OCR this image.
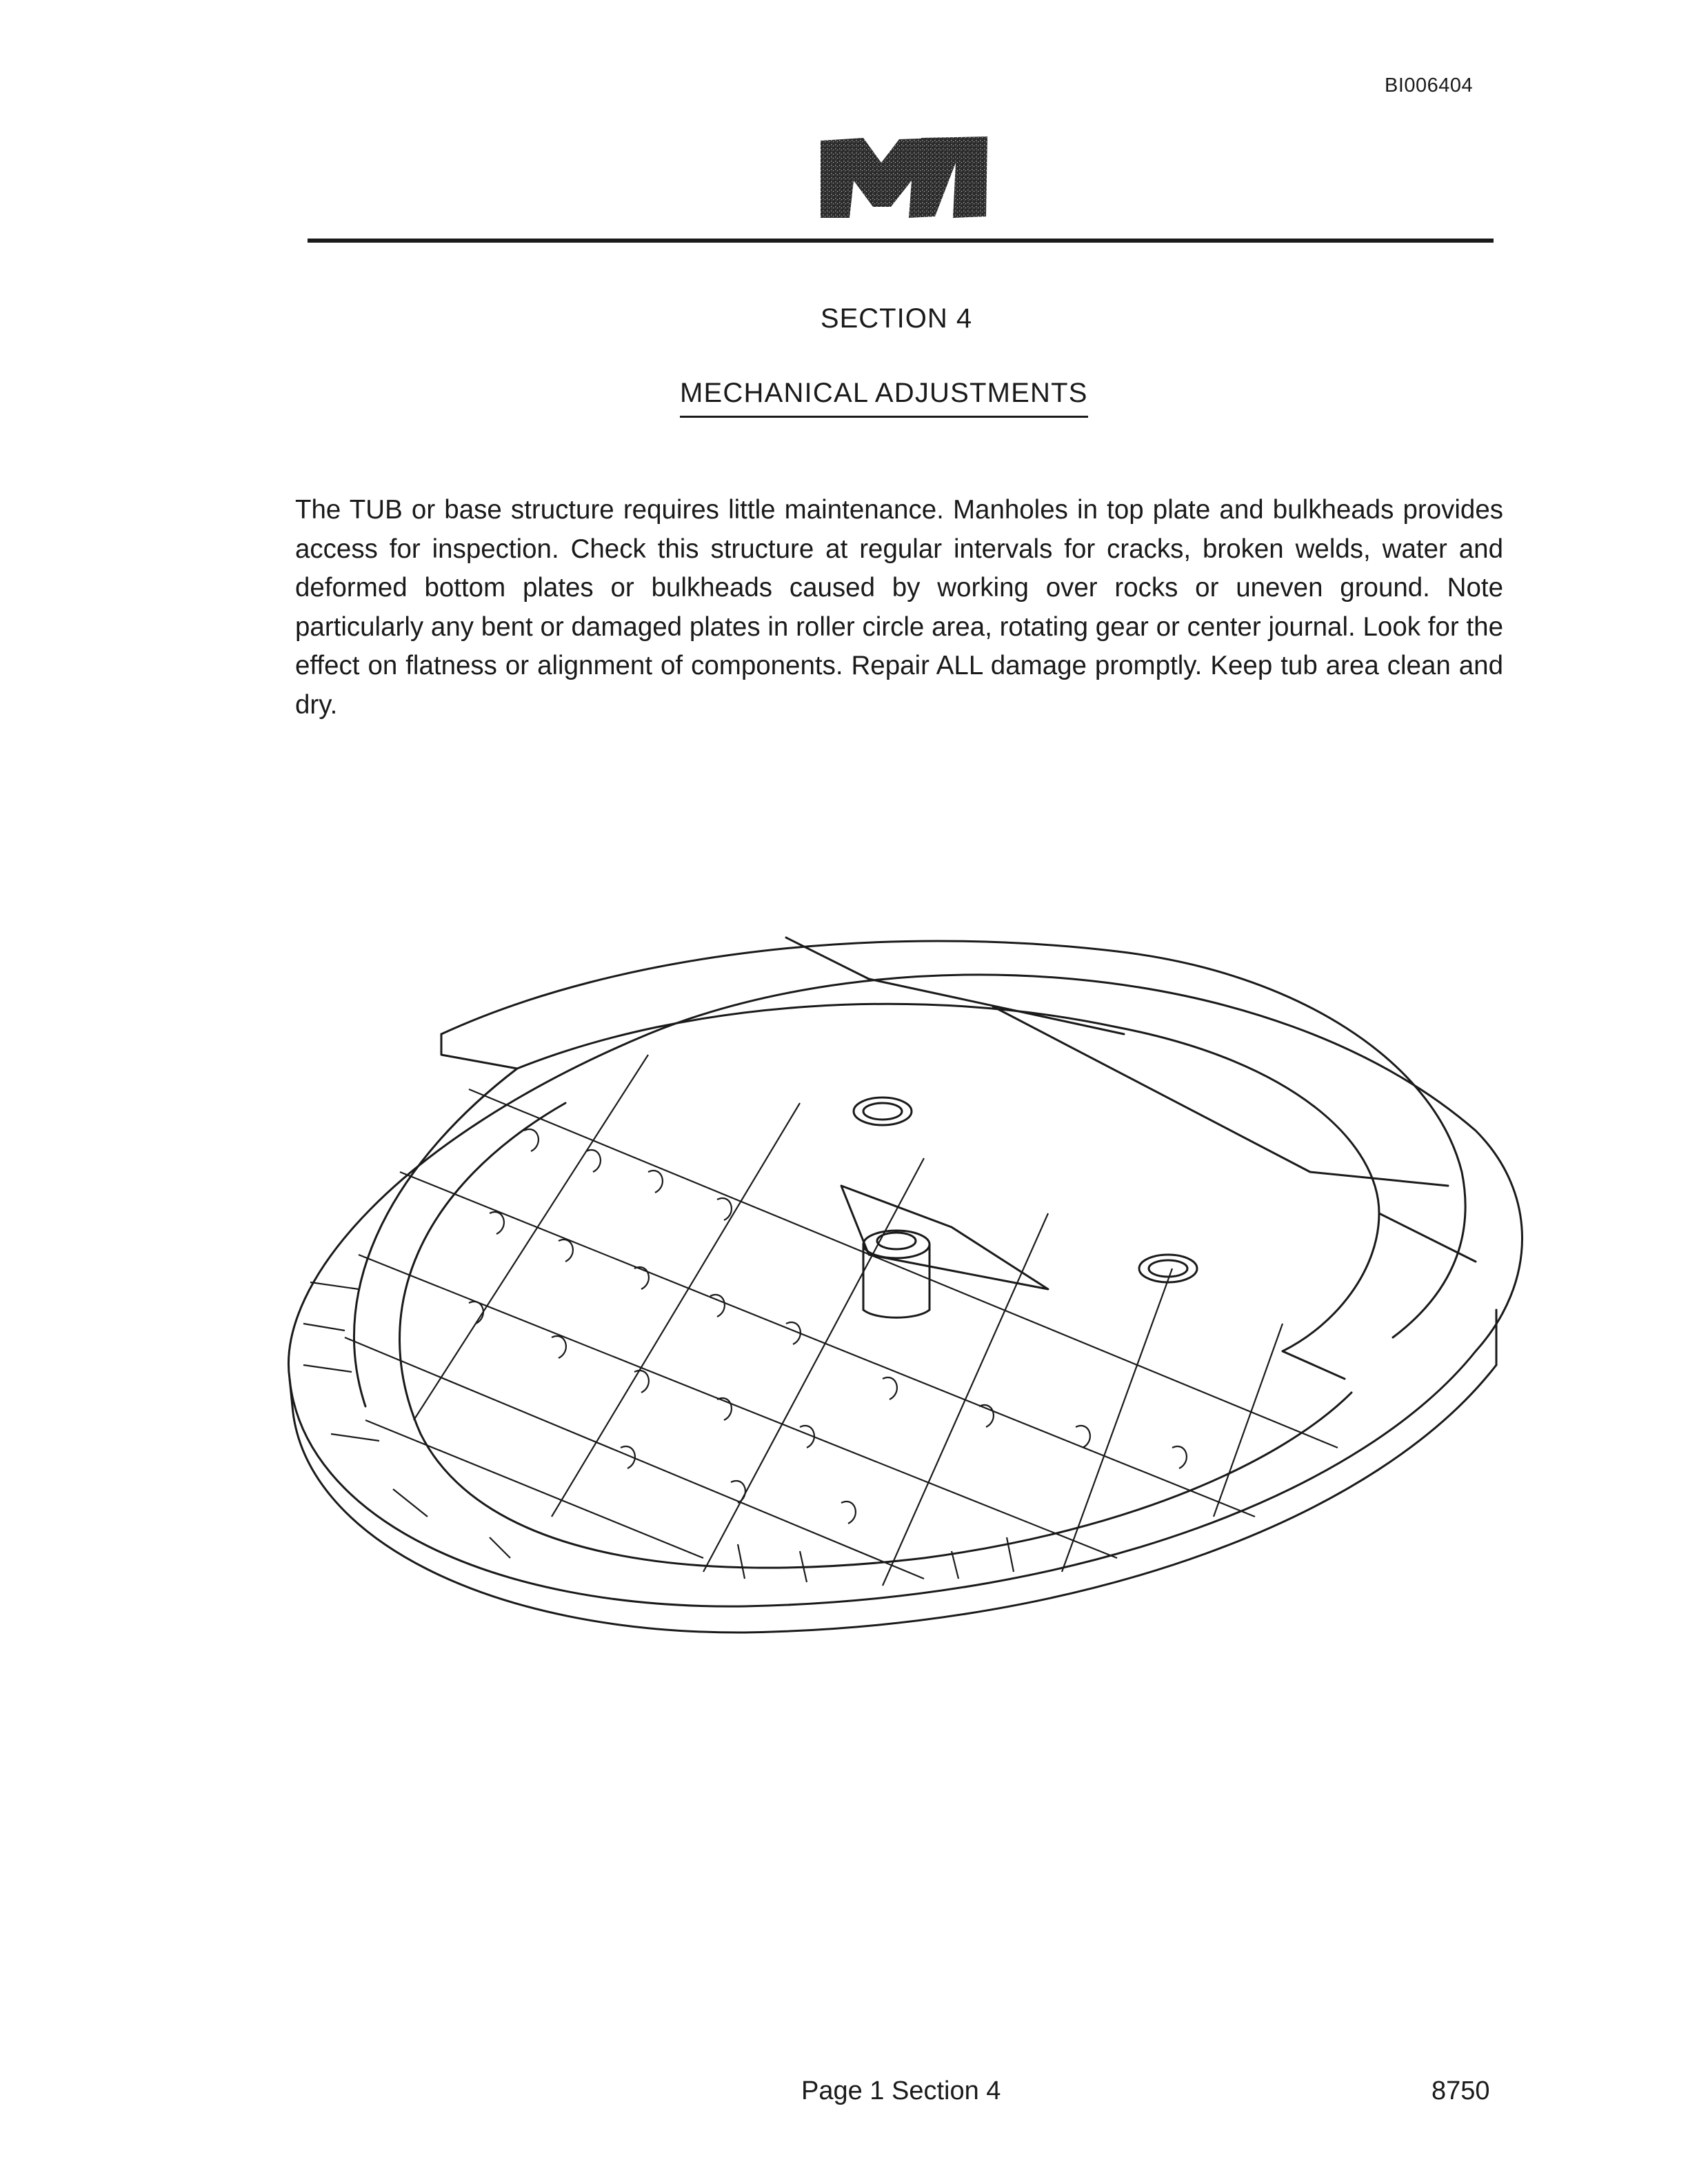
BI006404
SECTION 4
MECHANICAL ADJUSTMENTS
The TUB or base structure requires little maintenance. Manholes in top plate and bulkheads provides access for inspection. Check this structure at regular intervals for cracks, broken welds, water and deformed bottom plates or bulkheads caused by working over rocks or uneven ground. Note particularly any bent or damaged plates in roller circle area, rotating gear or center journal. Look for the effect on flatness or alignment of components. Repair ALL damage promptly. Keep tub area clean and dry.
Page 1 Section 4	8750
